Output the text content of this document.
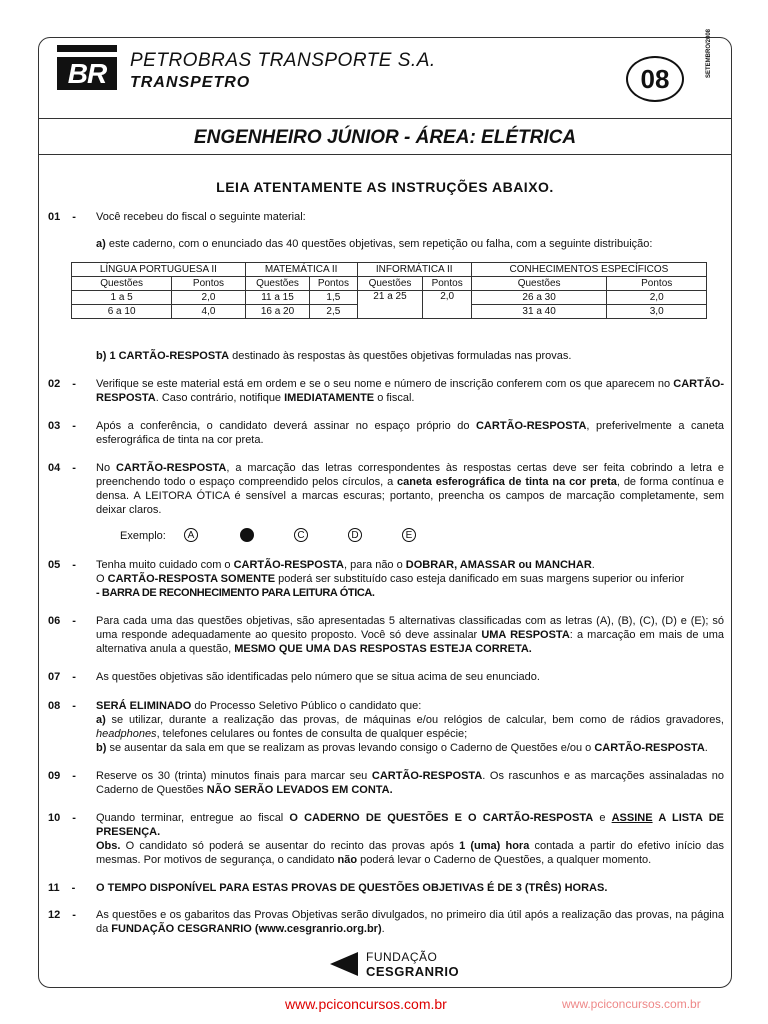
BR	PETROBRAS TRANSPORTE S.A.
TRANSPETRO	08
SETEMBRO/2008
ENGENHEIRO JÚNIOR - ÁREA: ELÉTRICA
LEIA ATENTAMENTE AS INSTRUÇÕES ABAIXO.
01 - Você recebeu do fiscal o seguinte material:
a) este caderno, com o enunciado das 40 questões objetivas, sem repetição ou falha, com a seguinte distribuição:
LÍNGUA PORTUGUESA II		MATEMÁTICA II		INFORMÁTICA II		CONHECIMENTOS ESPECÍFICOS	
Questões	Pontos	Questões	Pontos	Questões	Pontos	Questões	Pontos
1 a 5	2,0	11 a 15	1,5	21 a 25	2,0	26 a 30	2,0
6 a 10	4,0	16 a 20	2,5			31 a 40	3,0
b) 1 CARTÃO-RESPOSTA destinado às respostas às questões objetivas formuladas nas provas.
02 - Verifique se este material está em ordem e se o seu nome e número de inscrição conferem com os que aparecem no CARTÃO-RESPOSTA. Caso contrário, notifique IMEDIATAMENTE o fiscal.
03 - Após a conferência, o candidato deverá assinar no espaço próprio do CARTÃO-RESPOSTA, preferivelmente a caneta esferográfica de tinta na cor preta.
04 - No CARTÃO-RESPOSTA, a marcação das letras correspondentes às respostas certas deve ser feita cobrindo a letra e preenchendo todo o espaço compreendido pelos círculos, a caneta esferográfica de tinta na cor preta, de forma contínua e densa. A LEITORA ÓTICA é sensível a marcas escuras; portanto, preencha os campos de marcação completamente, sem deixar claros.
Exemplo:	A	C	D	E
05 - Tenha muito cuidado com o CARTÃO-RESPOSTA, para não o DOBRAR, AMASSAR ou MANCHAR.
O CARTÃO-RESPOSTA SOMENTE poderá ser substituído caso esteja danificado em suas margens superior ou inferior
- BARRA DE RECONHECIMENTO PARA LEITURA ÓTICA.
06 - Para cada uma das questões objetivas, são apresentadas 5 alternativas classificadas com as letras (A), (B), (C), (D) e (E); só uma responde adequadamente ao quesito proposto. Você só deve assinalar UMA RESPOSTA: a marcação em mais de uma alternativa anula a questão, MESMO QUE UMA DAS RESPOSTAS ESTEJA CORRETA.
07 - As questões objetivas são identificadas pelo número que se situa acima de seu enunciado.
08 - SERÁ ELIMINADO do Processo Seletivo Público o candidato que:
a) se utilizar, durante a realização das provas, de máquinas e/ou relógios de calcular, bem como de rádios gravadores, headphones, telefones celulares ou fontes de consulta de qualquer espécie;
b) se ausentar da sala em que se realizam as provas levando consigo o Caderno de Questões e/ou o CARTÃO-RESPOSTA.
09 - Reserve os 30 (trinta) minutos finais para marcar seu CARTÃO-RESPOSTA. Os rascunhos e as marcações assinaladas no Caderno de Questões NÃO SERÃO LEVADOS EM CONTA.
10 - Quando terminar, entregue ao fiscal O CADERNO DE QUESTÕES E O CARTÃO-RESPOSTA e ASSINE A LISTA DE PRESENÇA.
Obs. O candidato só poderá se ausentar do recinto das provas após 1 (uma) hora contada a partir do efetivo início das mesmas. Por motivos de segurança, o candidato não poderá levar o Caderno de Questões, a qualquer momento.
11 - O TEMPO DISPONÍVEL PARA ESTAS PROVAS DE QUESTÕES OBJETIVAS É DE 3 (TRÊS) HORAS.
12 - As questões e os gabaritos das Provas Objetivas serão divulgados, no primeiro dia útil após a realização das provas, na página da FUNDAÇÃO CESGRANRIO (www.cesgranrio.org.br).
FUNDAÇÃO
CESGRANRIO
www.pciconcursos.com.br	www.pciconcursos.com.br
